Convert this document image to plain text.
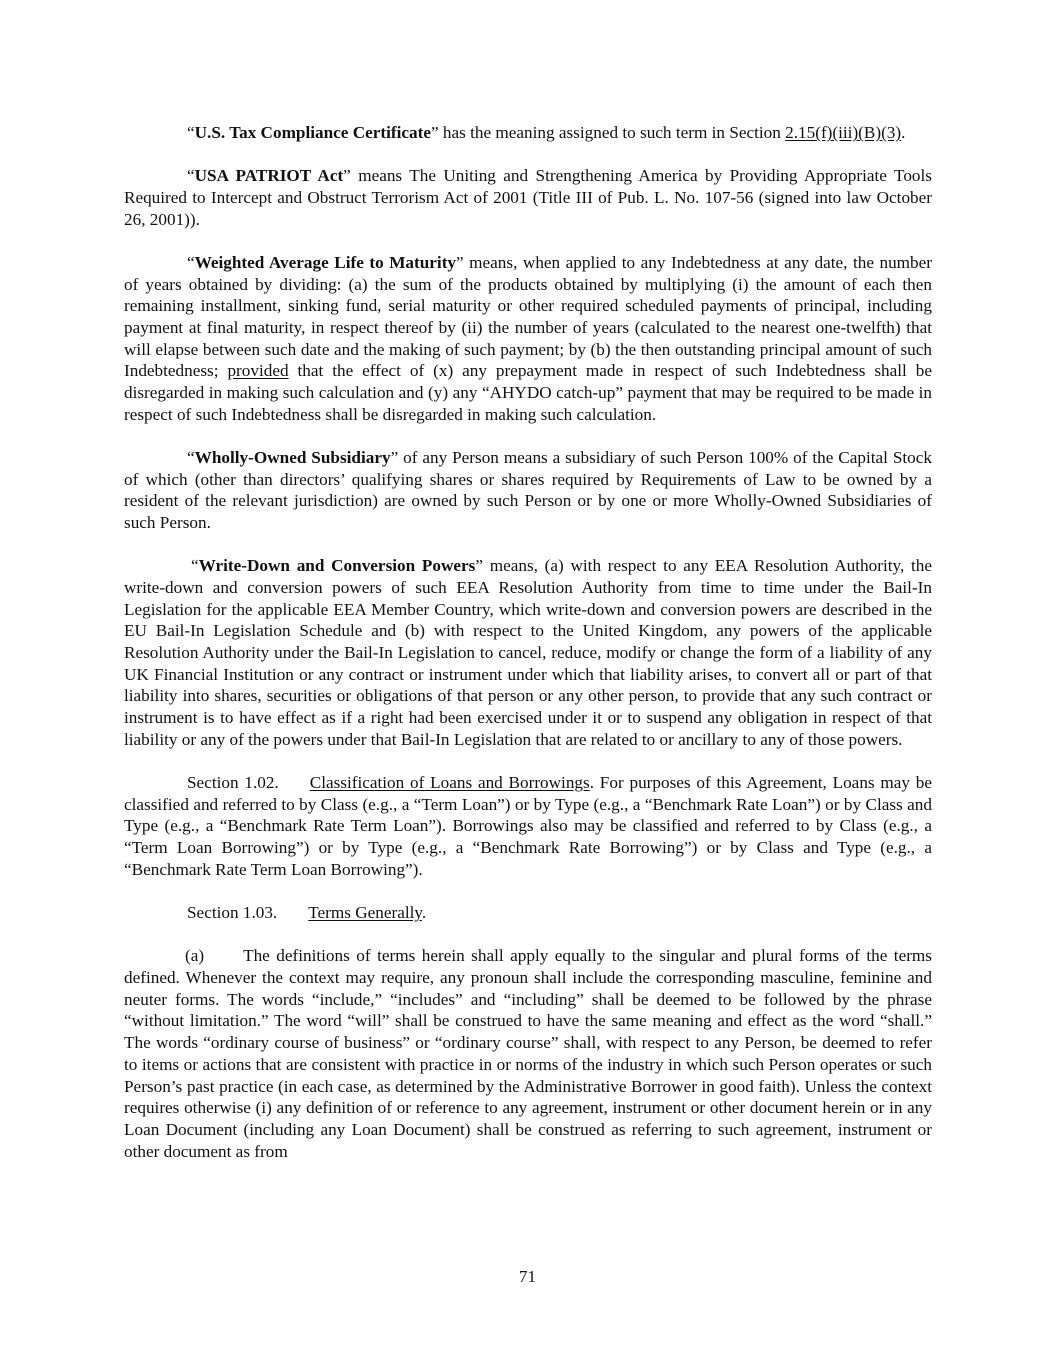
“U.S. Tax Compliance Certificate” has the meaning assigned to such term in Section 2.15(f)(iii)(B)(3).

“USA PATRIOT Act” means The Uniting and Strengthening America by Providing Appropriate Tools Required to Intercept and Obstruct Terrorism Act of 2001 (Title III of Pub. L. No. 107-56 (signed into law October 26, 2001)).

“Weighted Average Life to Maturity” means, when applied to any Indebtedness at any date, the number of years obtained by dividing: (a) the sum of the products obtained by multiplying (i) the amount of each then remaining installment, sinking fund, serial maturity or other required scheduled payments of principal, including payment at final maturity, in respect thereof by (ii) the number of years (calculated to the nearest one-twelfth) that will elapse between such date and the making of such payment; by (b) the then outstanding principal amount of such Indebtedness; provided that the effect of (x) any prepayment made in respect of such Indebtedness shall be disregarded in making such calculation and (y) any “AHYDO catch-up” payment that may be required to be made in respect of such Indebtedness shall be disregarded in making such calculation.

“Wholly-Owned Subsidiary” of any Person means a subsidiary of such Person 100% of the Capital Stock of which (other than directors’ qualifying shares or shares required by Requirements of Law to be owned by a resident of the relevant jurisdiction) are owned by such Person or by one or more Wholly-Owned Subsidiaries of such Person.

“Write-Down and Conversion Powers” means, (a) with respect to any EEA Resolution Authority, the write-down and conversion powers of such EEA Resolution Authority from time to time under the Bail-In Legislation for the applicable EEA Member Country, which write-down and conversion powers are described in the EU Bail-In Legislation Schedule and (b) with respect to the United Kingdom, any powers of the applicable Resolution Authority under the Bail-In Legislation to cancel, reduce, modify or change the form of a liability of any UK Financial Institution or any contract or instrument under which that liability arises, to convert all or part of that liability into shares, securities or obligations of that person or any other person, to provide that any such contract or instrument is to have effect as if a right had been exercised under it or to suspend any obligation in respect of that liability or any of the powers under that Bail-In Legislation that are related to or ancillary to any of those powers.

Section 1.02. Classification of Loans and Borrowings. For purposes of this Agreement, Loans may be classified and referred to by Class (e.g., a “Term Loan”) or by Type (e.g., a “Benchmark Rate Loan”) or by Class and Type (e.g., a “Benchmark Rate Term Loan”). Borrowings also may be classified and referred to by Class (e.g., a “Term Loan Borrowing”) or by Type (e.g., a “Benchmark Rate Borrowing”) or by Class and Type (e.g., a “Benchmark Rate Term Loan Borrowing”).

Section 1.03. Terms Generally.

(a) The definitions of terms herein shall apply equally to the singular and plural forms of the terms defined. Whenever the context may require, any pronoun shall include the corresponding masculine, feminine and neuter forms. The words “include,” “includes” and “including” shall be deemed to be followed by the phrase “without limitation.” The word “will” shall be construed to have the same meaning and effect as the word “shall.” The words “ordinary course of business” or “ordinary course” shall, with respect to any Person, be deemed to refer to items or actions that are consistent with practice in or norms of the industry in which such Person operates or such Person’s past practice (in each case, as determined by the Administrative Borrower in good faith). Unless the context requires otherwise (i) any definition of or reference to any agreement, instrument or other document herein or in any Loan Document (including any Loan Document) shall be construed as referring to such agreement, instrument or other document as from

71
